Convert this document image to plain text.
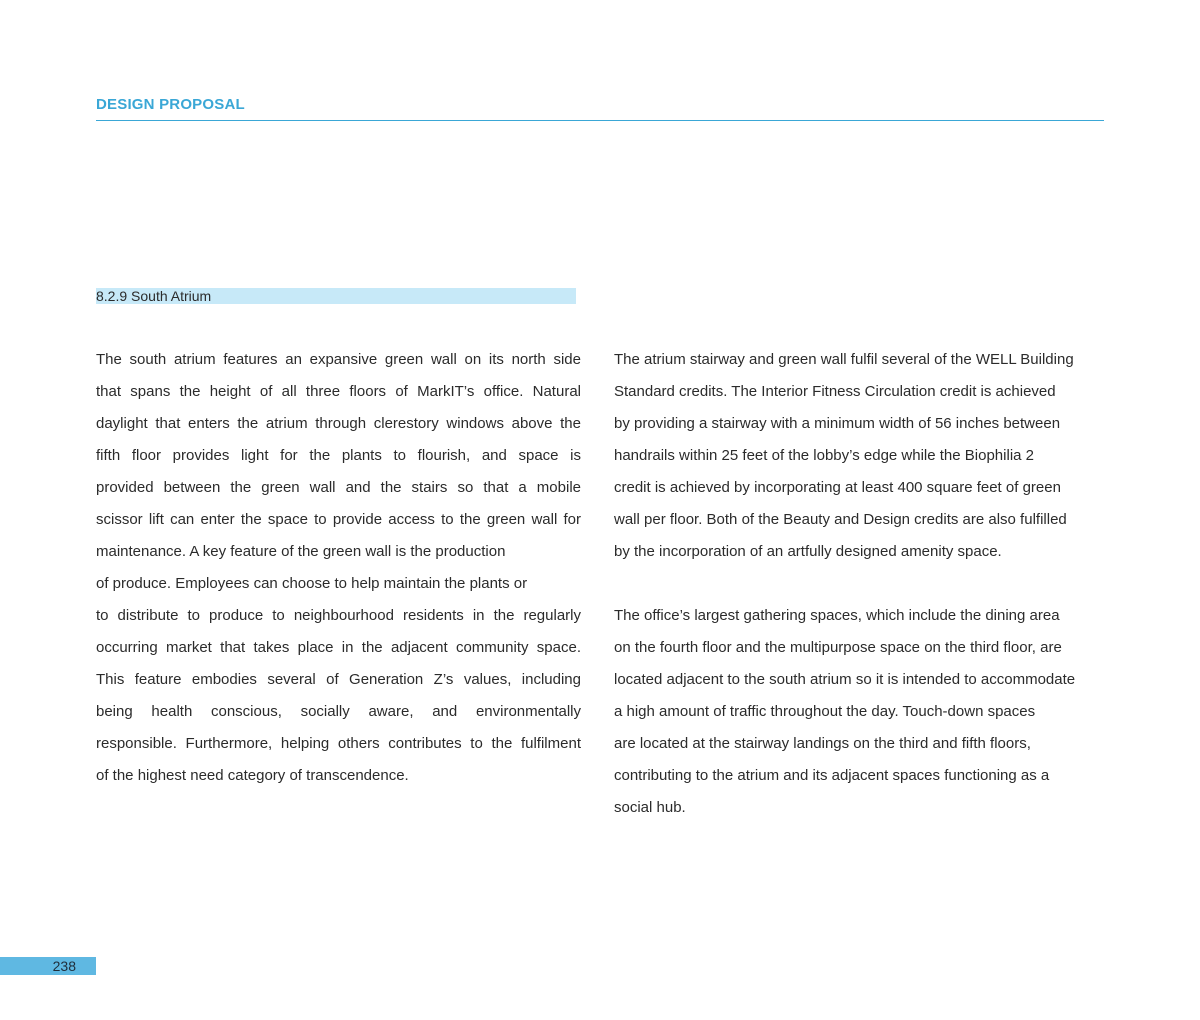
DESIGN PROPOSAL
8.2.9 South Atrium
The south atrium features an expansive green wall on its north side
that spans the height of all three floors of MarkIT’s office. Natural
daylight that enters the atrium through clerestory windows above the
fifth floor provides light for the plants to flourish, and space is
provided between the green wall and the stairs so that a mobile
scissor lift can enter the space to provide access to the green wall for
maintenance. A key feature of the green wall is the production
of produce. Employees can choose to help maintain the plants or
to distribute to produce to neighbourhood residents in the regularly
occurring market that takes place in the adjacent community space.
This feature embodies several of Generation Z’s values, including
being health conscious, socially aware, and environmentally
responsible. Furthermore, helping others contributes to the fulfilment
of the highest need category of transcendence.
The atrium stairway and green wall fulfil several of the WELL Building
Standard credits. The Interior Fitness Circulation credit is achieved
by providing a stairway with a minimum width of 56 inches between
handrails within 25 feet of the lobby’s edge while the Biophilia 2
credit is achieved by incorporating at least 400 square feet of green
wall per floor. Both of the Beauty and Design credits are also fulfilled
by the incorporation of an artfully designed amenity space.
The office’s largest gathering spaces, which include the dining area
on the fourth floor and the multipurpose space on the third floor, are
located adjacent to the south atrium so it is intended to accommodate
a high amount of traffic throughout the day. Touch-down spaces
are located at the stairway landings on the third and fifth floors,
contributing to the atrium and its adjacent spaces functioning as a
social hub.
238
